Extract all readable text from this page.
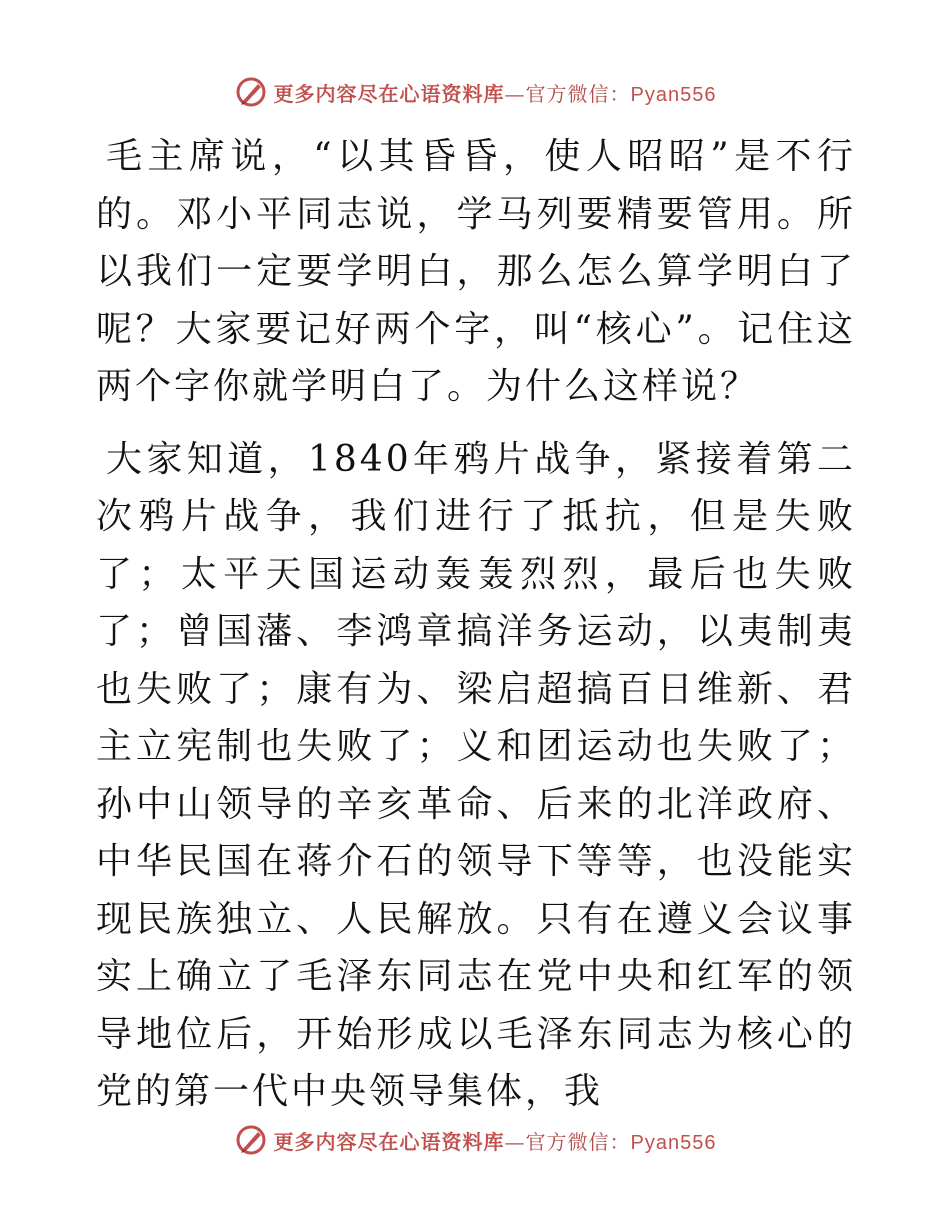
更多内容尽在心语资料库—官方微信：Pyan556

毛主席说，“以其昏昏，使人昭昭”是不行的。邓小平同志说，学马列要精要管用。所以我们一定要学明白，那么怎么算学明白了呢？大家要记好两个字，叫“核心”。记住这两个字你就学明白了。为什么这样说？

大家知道，1840年鸦片战争，紧接着第二次鸦片战争，我们进行了抵抗，但是失败了；太平天国运动轰轰烈烈，最后也失败了；曾国藩、李鸿章搞洋务运动，以夷制夷也失败了；康有为、梁启超搞百日维新、君主立宪制也失败了；义和团运动也失败了；孙中山领导的辛亥革命、后来的北洋政府、中华民国在蒋介石的领导下等等，也没能实现民族独立、人民解放。只有在遵义会议事实上确立了毛泽东同志在党中央和红军的领导地位后，开始形成以毛泽东同志为核心的党的第一代中央领导集体，我

更多内容尽在心语资料库—官方微信：Pyan556
